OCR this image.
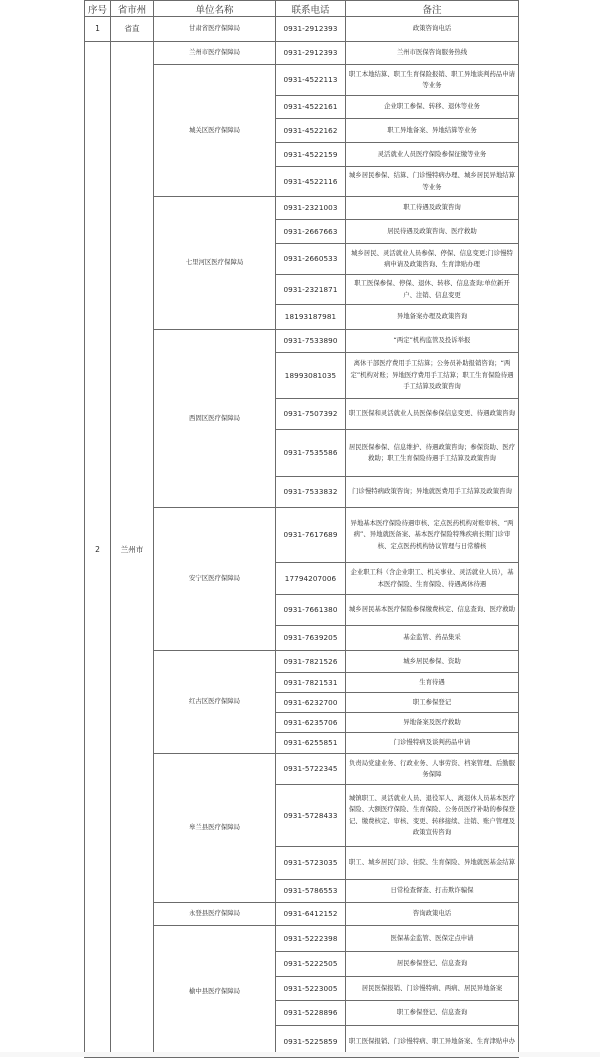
序号	省市州	单位名称	联系电话	备注
1	省直	甘肃省医疗保障局	0931-2912393	政策咨询电话
2	兰州市	兰州市医疗保障局	0931-2912393	兰州市医保咨询服务热线
		城关区医疗保障局	0931-4522113	职工本地结算、职工生育保险报销、职工异地谈判药品申请等业务
			0931-4522161	企业职工参保、转移、退休等业务
			0931-4522162	职工异地备案、异地结算等业务
			0931-4522159	灵活就业人员医疗保险参保征缴等业务
			0931-4522116	城乡居民参保、结算、门诊慢特病办理、城乡居民异地结算等业务
		七里河区医疗保障局	0931-2321003	职工待遇及政策咨询
			0931-2667663	居民待遇及政策咨询、医疗救助
			0931-2660533	城乡居民、灵活就业人员参保、停保、信息变更;门诊慢特病申请及政策咨询、生育津贴办理
			0931-2321871	职工医保参保、停保、退休、转移、信息查询;单位新开户、注销、信息变更
			18193187981	异地备案办理及政策咨询
		西固区医疗保障局	0931-7533890	“两定”机构监管及投诉举报
			18993081035	离休干部医疗费用手工结算；公务员补助报销咨询；“两定”机构对账；异地医疗费用手工结算；职工生育保险待遇手工结算及政策咨询
			0931-7507392	职工医保和灵活就业人员医保参保信息变更、待遇政策咨询
			0931-7535586	居民医保参保、信息维护、待遇政策咨询；参保资助、医疗救助；职工生育保险待遇手工结算及政策咨询
			0931-7533832	门诊慢特病政策咨询；异地就医费用手工结算及政策咨询
		安宁区医疗保障局	0931-7617689	异地基本医疗保险待遇审核、定点医药机构对账审核、“两病”、异地就医备案、基本医疗保险特殊疾病长期门诊审核、定点医药机构协议管理与日常稽核
			17794207006	企业职工科（含企业职工、机关事业、灵活就业人员），基本医疗保险、生育保险、待遇离休待遇
			0931-7661380	城乡居民基本医疗保险参保缴费核定、信息查询、医疗救助
			0931-7639205	基金监管、药品集采
		红古区医疗保障局	0931-7821526	城乡居民参保、资助
			0931-7821531	生育待遇
			0931-6232700	职工参保登记
			0931-6235706	异地备案及医疗救助
			0931-6255851	门诊慢特病及谈判药品申请
		皋兰县医疗保障局	0931-5722345	负责局党建业务、行政业务、人事劳资、档案管理、后勤服务保障
			0931-5728433	城镇职工、灵活就业人员、退役军人、离退休人员基本医疗保险、大额医疗保险、生育保险、公务员医疗补助的参保登记、缴费核定、审核、变更、转移接续、注销、账户管理及政策宣传咨询
			0931-5723035	职工、城乡居民门诊、住院、生育保险、异地就医基金结算
			0931-5786553	日常检查督查、打击欺诈骗保
		永登县医疗保障局	0931-6412152	咨询政策电话
		榆中县医疗保障局	0931-5222398	医保基金监管、医保定点申请
			0931-5222505	居民参保登记、信息查询
			0931-5223005	居民医保报销、门诊慢特病、两病、居民异地备案
			0931-5228896	职工参保登记、信息查询
			0931-5225859	职工医保报销、门诊慢特病、职工异地备案、生育津贴申办
